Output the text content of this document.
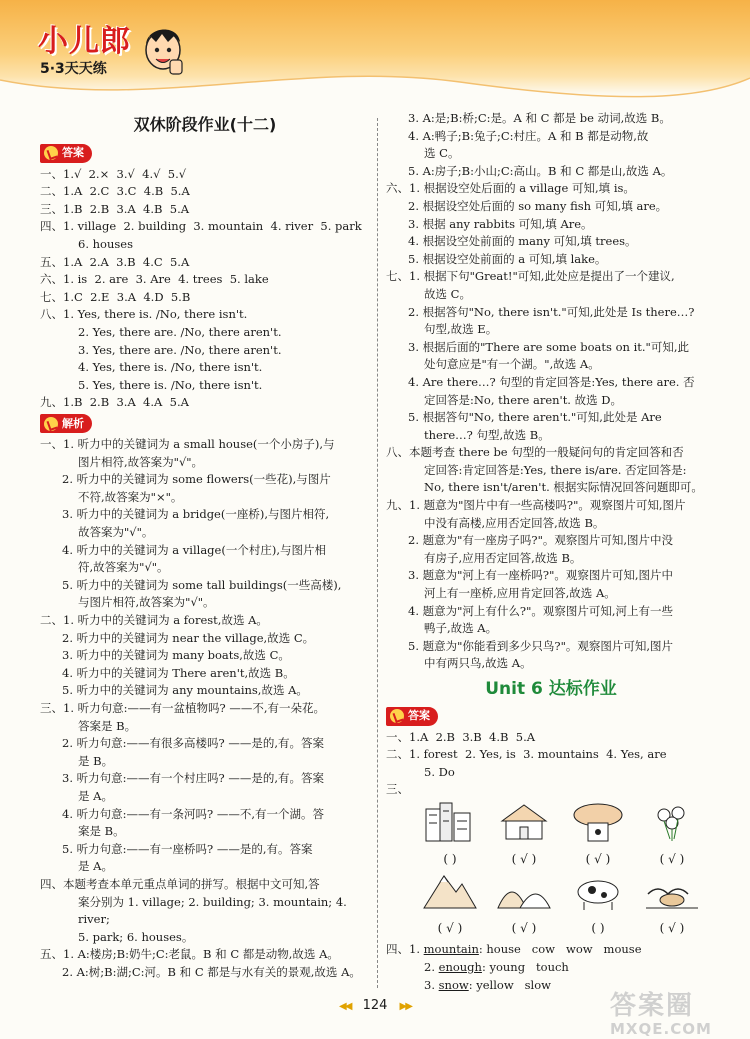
小儿郎
5·3天天练
双休阶段作业(十二)
答案
一、1.√  2.×  3.√  4.√  5.√
二、1.A  2.C  3.C  4.B  5.A
三、1.B  2.B  3.A  4.B  5.A
四、1. village  2. building  3. mountain  4. river  5. park
6. houses
五、1.A  2.A  3.B  4.C  5.A
六、1. is  2. are  3. Are  4. trees  5. lake
七、1.C  2.E  3.A  4.D  5.B
八、1. Yes, there is. /No, there isn't.
2. Yes, there are. /No, there aren't.
3. Yes, there are. /No, there aren't.
4. Yes, there is. /No, there isn't.
5. Yes, there is. /No, there isn't.
九、1.B  2.B  3.A  4.A  5.A
解析
一、1. 听力中的关键词为 a small house(一个小房子),与
图片相符,故答案为"√"。
2. 听力中的关键词为 some flowers(一些花),与图片
不符,故答案为"×"。
3. 听力中的关键词为 a bridge(一座桥),与图片相符,
故答案为"√"。
4. 听力中的关键词为 a village(一个村庄),与图片相
符,故答案为"√"。
5. 听力中的关键词为 some tall buildings(一些高楼),
与图片相符,故答案为"√"。
二、1. 听力中的关键词为 a forest,故选 A。
2. 听力中的关键词为 near the village,故选 C。
3. 听力中的关键词为 many boats,故选 C。
4. 听力中的关键词为 There aren't,故选 B。
5. 听力中的关键词为 any mountains,故选 A。
三、1. 听力句意:——有一盆植物吗? ——不,有一朵花。
答案是 B。
2. 听力句意:——有很多高楼吗? ——是的,有。答案
是 B。
3. 听力句意:——有一个村庄吗? ——是的,有。答案
是 A。
4. 听力句意:——有一条河吗? ——不,有一个湖。答
案是 B。
5. 听力句意:——有一座桥吗? ——是的,有。答案
是 A。
四、本题考查本单元重点单词的拼写。根据中文可知,答
案分别为 1. village; 2. building; 3. mountain; 4. river;
5. park; 6. houses。
五、1. A:楼房;B:奶牛;C:老鼠。B 和 C 都是动物,故选 A。
2. A:树;B:湖;C:河。B 和 C 都是与水有关的景观,故选 A。
3. A:是;B:桥;C:是。A 和 C 都是 be 动词,故选 B。
4. A:鸭子;B:兔子;C:村庄。A 和 B 都是动物,故
选 C。
5. A:房子;B:小山;C:高山。B 和 C 都是山,故选 A。
六、1. 根据设空处后面的 a village 可知,填 is。
2. 根据设空处后面的 so many fish 可知,填 are。
3. 根据 any rabbits 可知,填 Are。
4. 根据设空处前面的 many 可知,填 trees。
5. 根据设空处前面的 a 可知,填 lake。
七、1. 根据下句"Great!"可知,此处应是提出了一个建议,
故选 C。
2. 根据答句"No, there isn't."可知,此处是 Is there…?
句型,故选 E。
3. 根据后面的"There are some boats on it."可知,此
处句意应是"有一个湖。",故选 A。
4. Are there…? 句型的肯定回答是:Yes, there are. 否
定回答是:No, there aren't. 故选 D。
5. 根据答句"No, there aren't."可知,此处是 Are
there…? 句型,故选 B。
八、本题考查 there be 句型的一般疑问句的肯定回答和否
定回答:肯定回答是:Yes, there is/are. 否定回答是:
No, there isn't/aren't. 根据实际情况回答问题即可。
九、1. 题意为"图片中有一些高楼吗?"。观察图片可知,图片
中没有高楼,应用否定回答,故选 B。
2. 题意为"有一座房子吗?"。观察图片可知,图片中没
有房子,应用否定回答,故选 B。
3. 题意为"河上有一座桥吗?"。观察图片可知,图片中
河上有一座桥,应用肯定回答,故选 A。
4. 题意为"河上有什么?"。观察图片可知,河上有一些
鸭子,故选 A。
5. 题意为"你能看到多少只鸟?"。观察图片可知,图片
中有两只鸟,故选 A。
Unit 6 达标作业
答案
一、1.A  2.B  3.B  4.B  5.A
二、1. forest  2. Yes, is  3. mountains  4. Yes, are
5. Do
三、
( )	( √ )	( √ )	( √ )
( √ )	( √ )	( )	( √ )
四、1. mountain: house   cow   wow   mouse
2. enough: young   touch
3. snow: yellow   slow
◀◀ 124 ▶▶	答案圈
MXQE.COM
